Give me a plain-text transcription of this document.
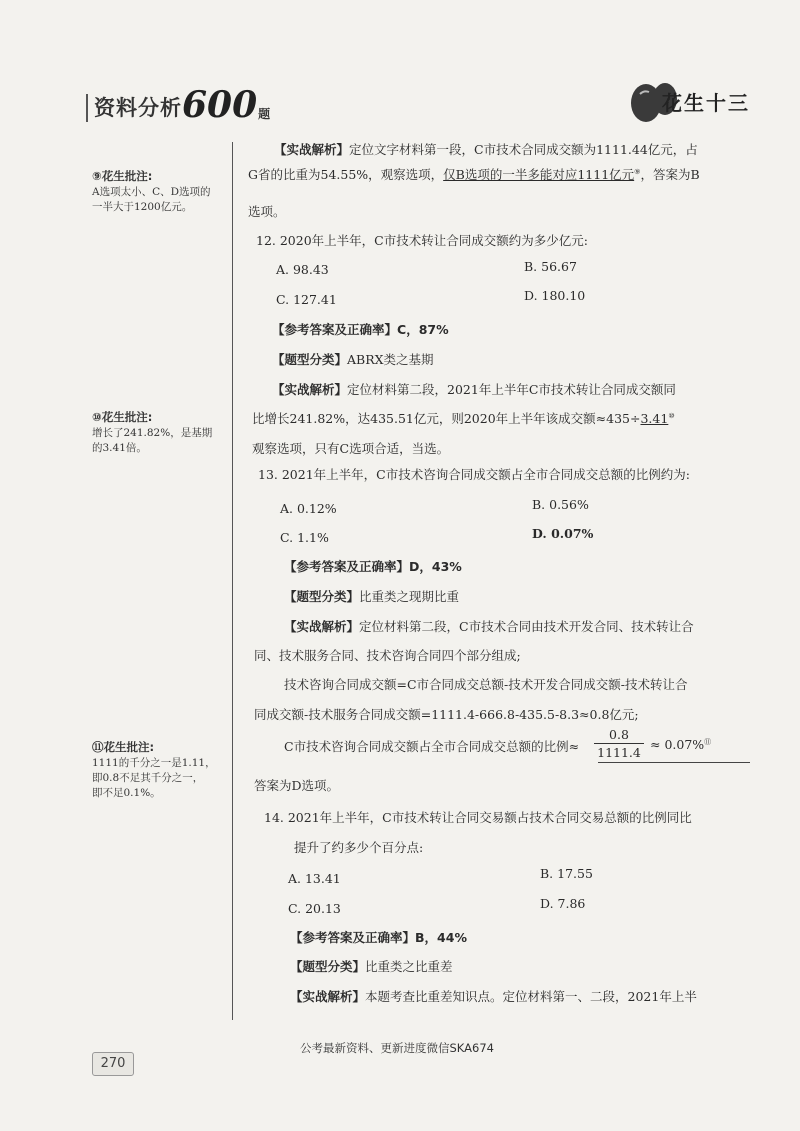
资料分析 600 题	花生十三
⑨花生批注:
A选项太小、C、D选项的
一半大于1200亿元。
⑩花生批注:
增长了241.82%，是基期
的3.41倍。
⑪花生批注:
1111的千分之一是1.11，
即0.8不足其千分之一，
即不足0.1%。
【实战解析】定位文字材料第一段，C市技术合同成交额为1111.44亿元，占
G省的比重为54.55%，观察选项，仅B选项的一半多能对应1111亿元⑨，答案为B
选项。
12. 2020年上半年，C市技术转让合同成交额约为多少亿元:
A. 98.43	B. 56.67
C. 127.41	D. 180.10
【参考答案及正确率】C，87%
【题型分类】ABRX类之基期
【实战解析】定位材料第二段，2021年上半年C市技术转让合同成交额同
比增长241.82%，达435.51亿元，则2020年上半年该成交额≈435÷3.41⑩
观察选项，只有C选项合适，当选。
13. 2021年上半年，C市技术咨询合同成交额占全市合同成交总额的比例约为:
A. 0.12%	B. 0.56%
C. 1.1%	D. 0.07%
【参考答案及正确率】D，43%
【题型分类】比重类之现期比重
【实战解析】定位材料第二段，C市技术合同由技术开发合同、技术转让合
同、技术服务合同、技术咨询合同四个部分组成;
技术咨询合同成交额=C市合同成交总额-技术开发合同成交额-技术转让合
同成交额-技术服务合同成交额=1111.4-666.8-435.5-8.3≈0.8亿元;
C市技术咨询合同成交额占全市合同成交总额的比例≈
0.8
1111.4
≈ 0.07%⑪
答案为D选项。
14. 2021年上半年，C市技术转让合同交易额占技术合同交易总额的比例同比
提升了约多少个百分点:
A. 13.41	B. 17.55
C. 20.13	D. 7.86
【参考答案及正确率】B，44%
【题型分类】比重类之比重差
【实战解析】本题考查比重差知识点。定位材料第一、二段，2021年上半
公考最新资料、更新进度微信SKA674
270
